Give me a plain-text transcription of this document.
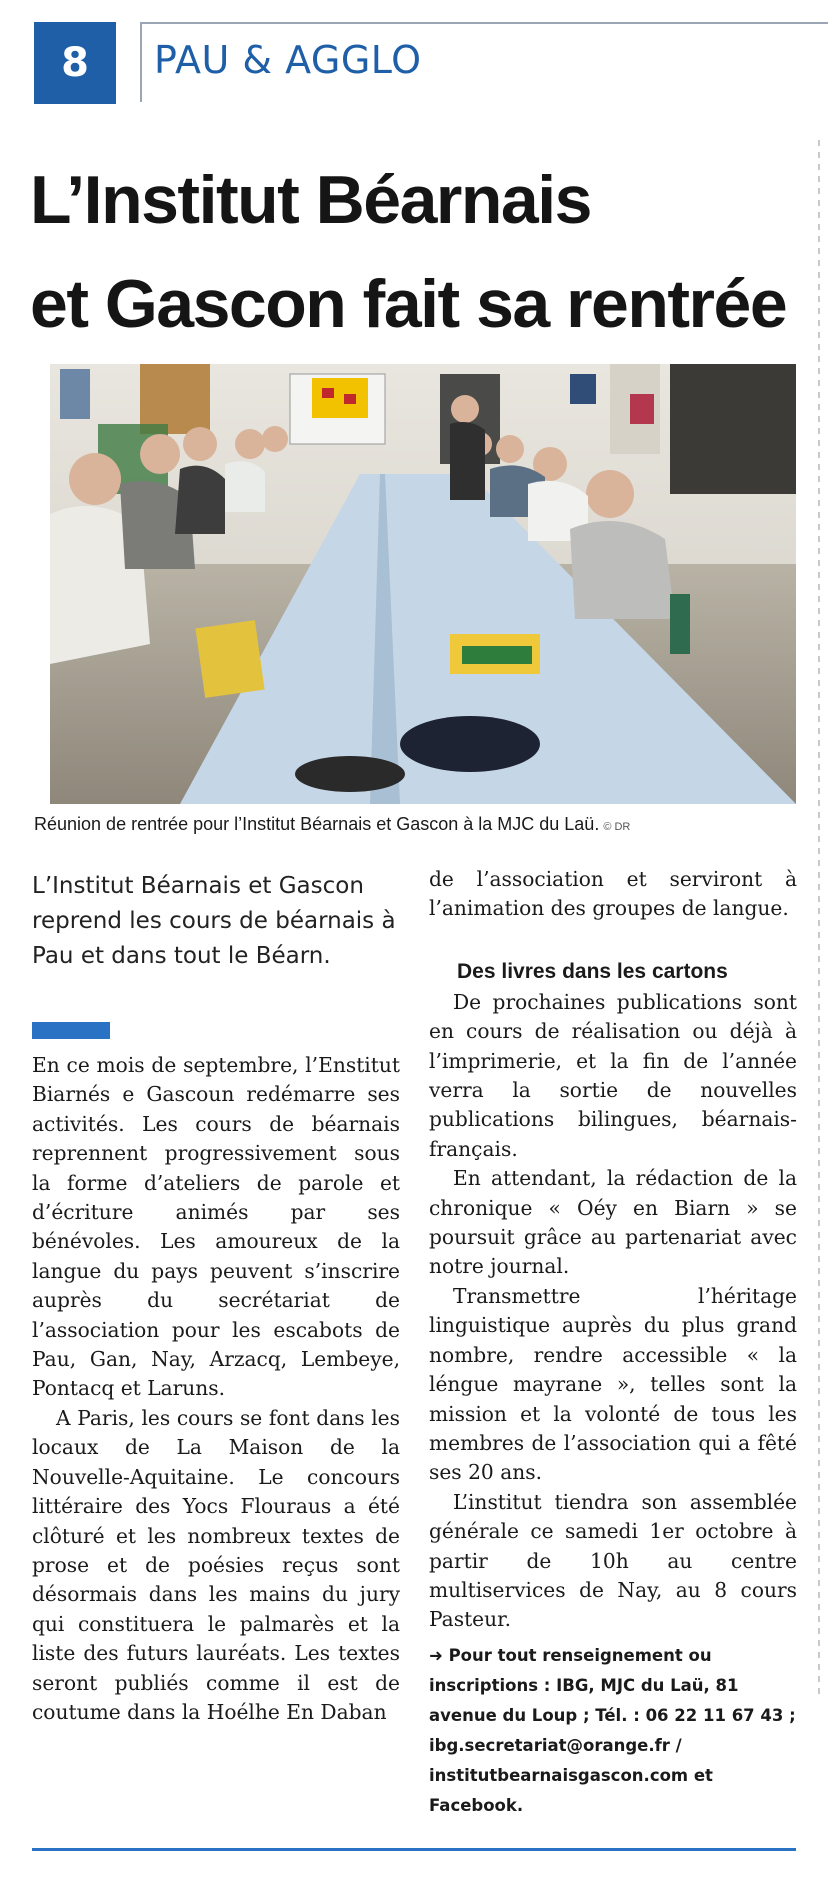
8	PAU & AGGLO
L’Institut Béarnais
et Gascon fait sa rentrée
Réunion de rentrée pour l’Institut Béarnais et Gascon à la MJC du Laü. © DR

L’Institut Béarnais et Gascon reprend les cours de béarnais à Pau et dans tout le Béarn.

En ce mois de septembre, l’Enstitut Biarnés e Gascoun redémarre ses activités. Les cours de béarnais reprennent progressivement sous la forme d’ateliers de parole et d’écriture animés par ses bénévoles. Les amoureux de la langue du pays peuvent s’inscrire auprès du secrétariat de l’association pour les escabots de Pau, Gan, Nay, Arzacq, Lembeye, Pontacq et Laruns.

A Paris, les cours se font dans les locaux de La Maison de la Nouvelle-Aquitaine. Le concours littéraire des Yocs Flouraus a été clôturé et les nombreux textes de prose et de poésies reçus sont désormais dans les mains du jury qui constituera le palmarès et la liste des futurs lauréats. Les textes seront publiés comme il est de coutume dans la Hoélhe En Daban

de l’association et serviront à l’animation des groupes de langue.

Des livres dans les cartons

De prochaines publications sont en cours de réalisation ou déjà à l’imprimerie, et la fin de l’année verra la sortie de nouvelles publications bilingues, béarnais-français.

En attendant, la rédaction de la chronique « Oéy en Biarn » se poursuit grâce au partenariat avec notre journal.

Transmettre l’héritage linguistique auprès du plus grand nombre, rendre accessible « la léngue mayrane », telles sont la mission et la volonté de tous les membres de l’association qui a fêté ses 20 ans.

L’institut tiendra son assemblée générale ce samedi 1er octobre à partir de 10h au centre multiservices de Nay, au 8 cours Pasteur.

➜ Pour tout renseignement ou inscriptions : IBG, MJC du Laü, 81 avenue du Loup ; Tél. : 06 22 11 67 43 ; ibg.secretariat@orange.fr / institutbearnaisgascon.com et Facebook.
